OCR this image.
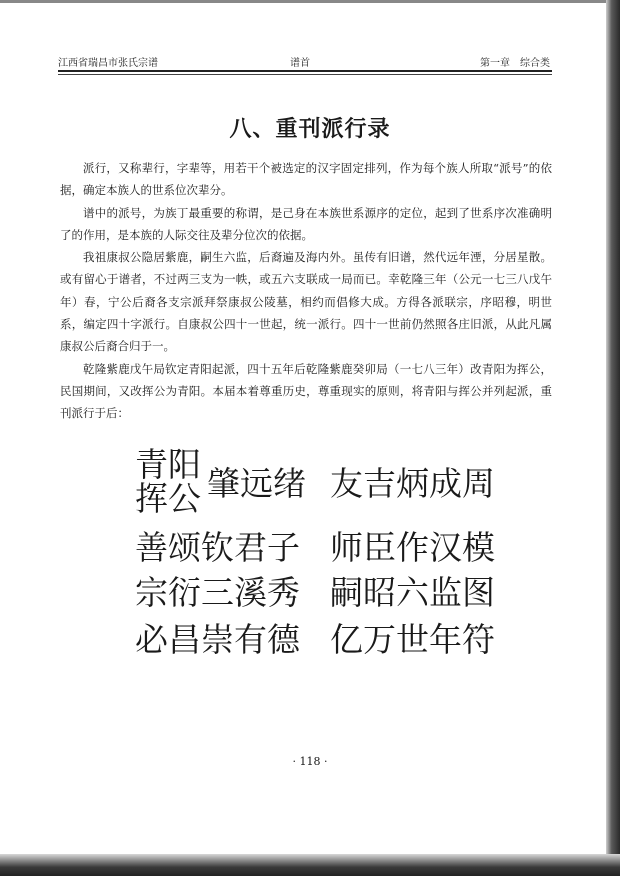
江西省瑞昌市张氏宗谱	谱首	第一章　综合类
八、重刊派行录

派行，又称辈行，字辈等，用若干个被选定的汉字固定排列，作为每个族人所取“派号”的依据，确定本族人的世系位次辈分。

谱中的派号，为族丁最重要的称谓，是己身在本族世系源序的定位，起到了世系序次准确明了的作用，是本族的人际交往及辈分位次的依据。

我祖康叔公隐居紫鹿，嗣生六监，后裔遍及海内外。虽传有旧谱，然代远年湮，分居星散。或有留心于谱者，不过两三支为一帙，或五六支联成一局而已。幸乾隆三年（公元一七三八戊午年）春，宁公后裔各支宗派拜祭康叔公陵墓，相约而倡修大成。方得各派联宗，序昭穆，明世系，编定四十字派行。自康叔公四十一世起，统一派行。四十一世前仍然照各庄旧派，从此凡属康叔公后裔合归于一。

乾隆紫鹿戊午局钦定青阳起派，四十五年后乾隆紫鹿癸卯局（一七八三年）改青阳为挥公，民国期间，又改挥公为青阳。本届本着尊重历史，尊重现实的原则，将青阳与挥公并列起派，重刊派行于后：

青阳
挥公 肇远绪 友吉炳成周
善颂钦君子 师臣作汉模
宗衍三溪秀 嗣昭六监图
必昌崇有德 亿万世年符
· 118 ·
